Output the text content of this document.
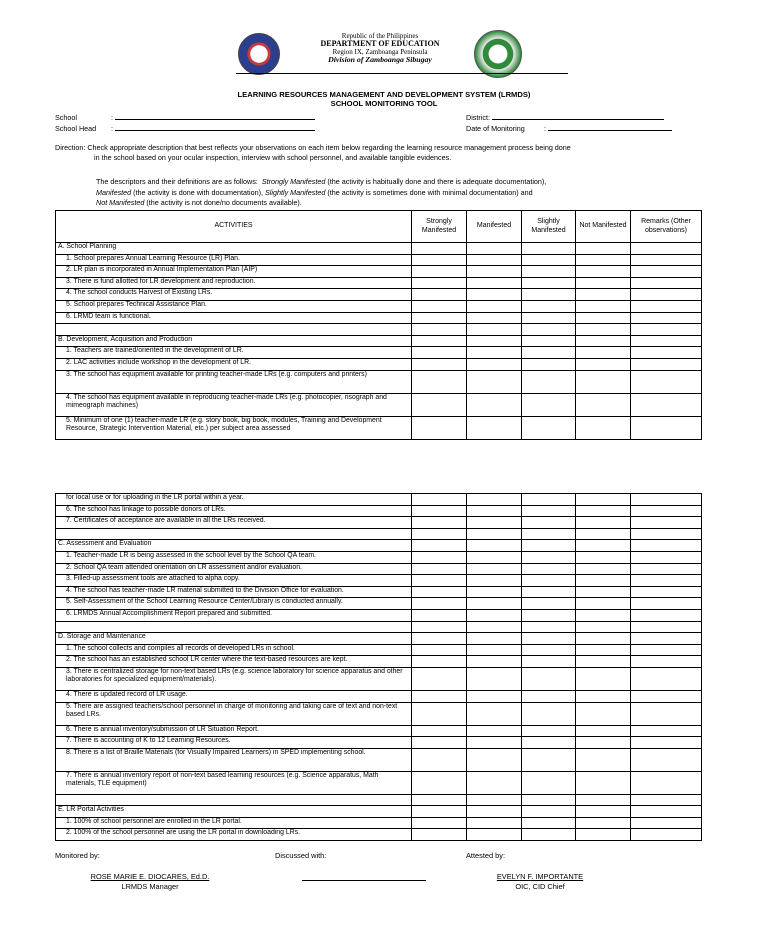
Republic of the Philippines
DEPARTMENT OF EDUCATION
Region IX, Zamboanga Peninsula
Division of Zamboanga Sibugay
LEARNING RESOURCES MANAGEMENT AND DEVELOPMENT SYSTEM (LRMDS)
SCHOOL MONITORING TOOL
School	:
School Head :
District:
Date of Monitoring	:
Direction: Check appropriate description that best reflects your observations on each item below regarding the learning resource management process being done
in the school based on your ocular inspection, interview with school personnel, and available tangible evidences.
The descriptors and their definitions are as follows: Strongly Manifested (the activity is habitually done and there is adequate documentation),
Manifested (the activity is done with documentation), Slightly Manifested (the activity is sometimes done with minimal documentation) and
Not Manifested (the activity is not done/no documents available).
ACTIVITIES	Strongly Manifested	Manifested	Slightly Manifested	Not Manifested	Remarks (Other observations)
A. School Planning					
1. School prepares Annual Learning Resource (LR) Plan.					
2. LR plan is incorporated in Annual Implementation Plan (AIP)					
3. There is fund allotted for LR development and reproduction.					
4. The school conducts Harvest of Existing LRs.					
5. School prepares Technical Assistance Plan.					
6. LRMD team is functional.					

B. Development, Acquisition and Production					
1. Teachers are trained/oriented in the development of LR.					
2. LAC activities include workshop in the development of LR.					
3. The school has equipment available for printing teacher-made LRs (e.g. computers and printers)					
4. The school has equipment available in reproducing teacher-made LRs (e.g. photocopier, risograph and mimeograph machines)					
5. Minimum of one (1) teacher-made LR (e.g. story book, big book, modules, Training and Development Resource, Strategic Intervention Material, etc.) per subject area assessed					
for local use or for uploading in the LR portal within a year.					
6. The school has linkage to possible donors of LRs.					
7. Certificates of acceptance are available in all the LRs received.					

C. Assessment and Evaluation					
1. Teacher-made LR is being assessed in the school level by the School QA team.					
2. School QA team attended orientation on LR assessment and/or evaluation.					
3. Filled-up assessment tools are attached to alpha copy.					
4. The school has teacher-made LR material submitted to the Division Office for evaluation.					
5. Self-Assessment of the School Learning Resource Center/Library is conducted annually.					
6. LRMDS Annual Accomplishment Report prepared and submitted.					

D. Storage and Maintenance					
1. The school collects and compiles all records of developed LRs in school.					
2. The school has an established school LR center where the text-based resources are kept.					
3. There is centralized storage for non-text based LRs (e.g. science laboratory for science apparatus and other laboratories for specialized equipment/materials).					
4. There is updated record of LR usage.					
5. There are assigned teachers/school personnel in charge of monitoring and taking care of text and non-text based LRs.					
6. There is annual inventory/submission of LR Situation Report.					
7. There is accounting of K to 12 Learning Resources.					
8. There is a list of Braille Materials (for Visually Impaired Learners) in SPED implementing school.					
7. There is annual inventory report of non-text based learning resources (e.g. Science apparatus, Math materials, TLE equipment)					

E. LR Portal Activities					
1. 100% of school personnel are enrolled in the LR portal.					
2. 100% of the school personnel are using the LR portal in downloading LRs.					
Monitored by:	Discussed with:	Attested by:
ROSE MARIE E. DIOCARES, Ed.D.
LRMDS Manager
EVELYN F. IMPORTANTE
OIC, CID Chief
